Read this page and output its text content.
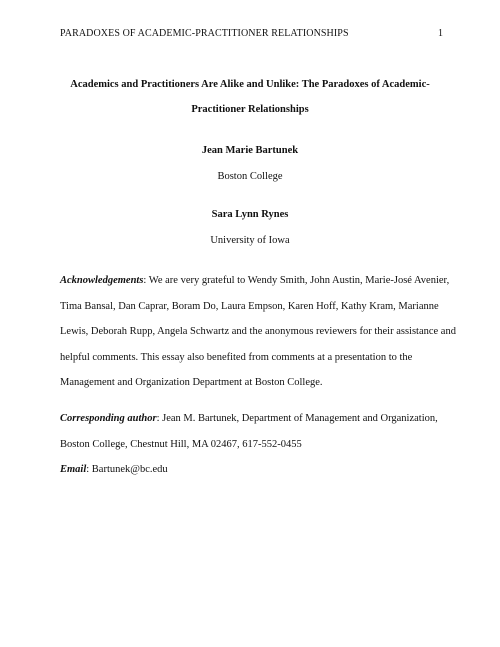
PARADOXES OF ACADEMIC-PRACTITIONER RELATIONSHIPS	1
Academics and Practitioners Are Alike and Unlike: The Paradoxes of Academic-
Practitioner Relationships
Jean Marie Bartunek
Boston College
Sara Lynn Rynes
University of Iowa
Acknowledgements: We are very grateful to Wendy Smith, John Austin, Marie-José Avenier,
Tima Bansal, Dan Caprar, Boram Do, Laura Empson, Karen Hoff, Kathy Kram, Marianne
Lewis, Deborah Rupp, Angela Schwartz and the anonymous reviewers for their assistance and
helpful comments. This essay also benefited from comments at a presentation to the
Management and Organization Department at Boston College.
Corresponding author: Jean M. Bartunek, Department of Management and Organization,
Boston College, Chestnut Hill, MA 02467, 617-552-0455
Email: Bartunek@bc.edu
